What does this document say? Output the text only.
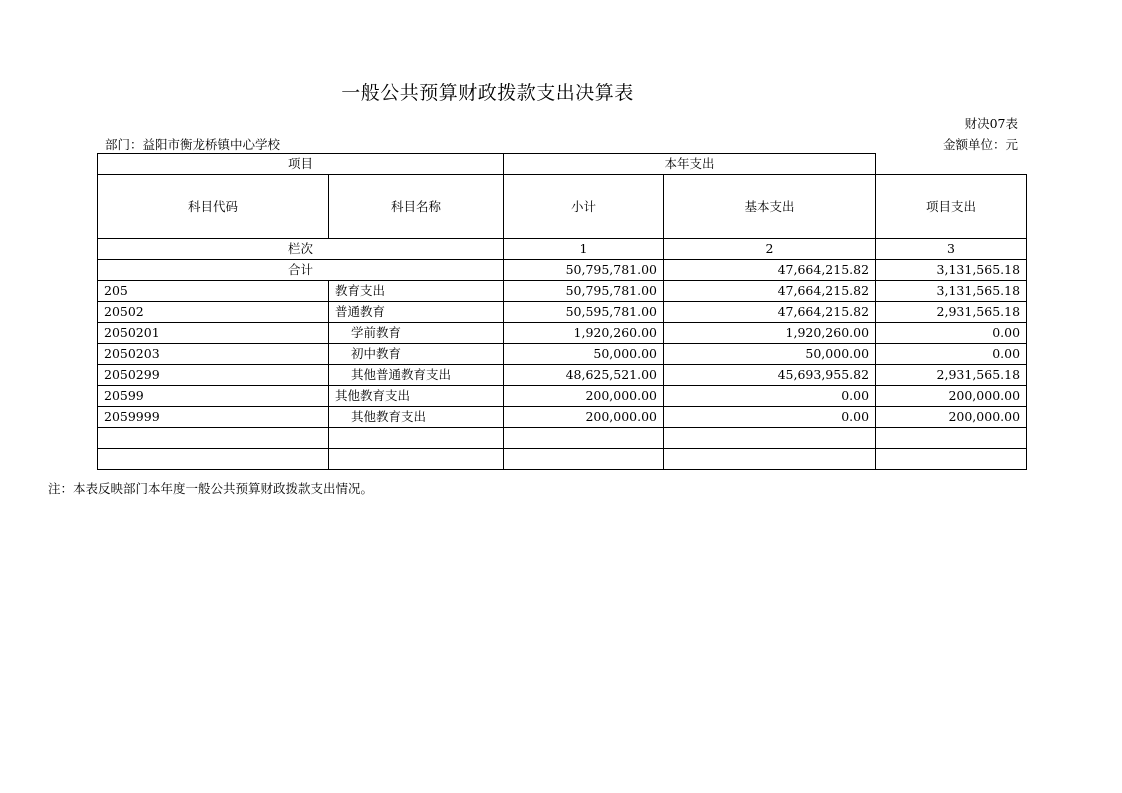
一般公共预算财政拨款支出决算表
财决07表
部门：益阳市衡龙桥镇中心学校	金额单位：元
项目		本年支出		
科目代码	科目名称	小计	基本支出	项目支出
栏次		1	2	3
合计		50,795,781.00	47,664,215.82	3,131,565.18
205	教育支出	50,795,781.00	47,664,215.82	3,131,565.18
20502	普通教育	50,595,781.00	47,664,215.82	2,931,565.18
2050201	学前教育	1,920,260.00	1,920,260.00	0.00
2050203	初中教育	50,000.00	50,000.00	0.00
2050299	其他普通教育支出	48,625,521.00	45,693,955.82	2,931,565.18
20599	其他教育支出	200,000.00	0.00	200,000.00
2059999	其他教育支出	200,000.00	0.00	200,000.00

注：本表反映部门本年度一般公共预算财政拨款支出情况。
